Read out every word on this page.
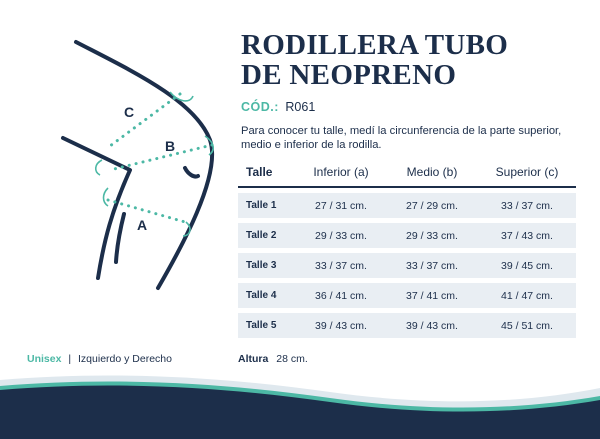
C
B
A
RODILLERA TUBO
DE NEOPRENO
CÓD.: R061

Para conocer tu talle, medí la circunferencia de la parte superior, medio e inferior de la rodilla.

Talle	Inferior (a)	Medio (b)	Superior (c)
Talle 1	27 / 31 cm.	27 / 29 cm.	33 / 37 cm.
Talle 2	29 / 33 cm.	29 / 33 cm.	37 / 43 cm.
Talle 3	33 / 37 cm.	33 / 37 cm.	39 / 45 cm.
Talle 4	36 / 41 cm.	37 / 41 cm.	41 / 47 cm.
Talle 5	39 / 43 cm.	39 / 43 cm.	45 / 51 cm.
Unisex | Izquierdo y Derecho	Altura 28 cm.
